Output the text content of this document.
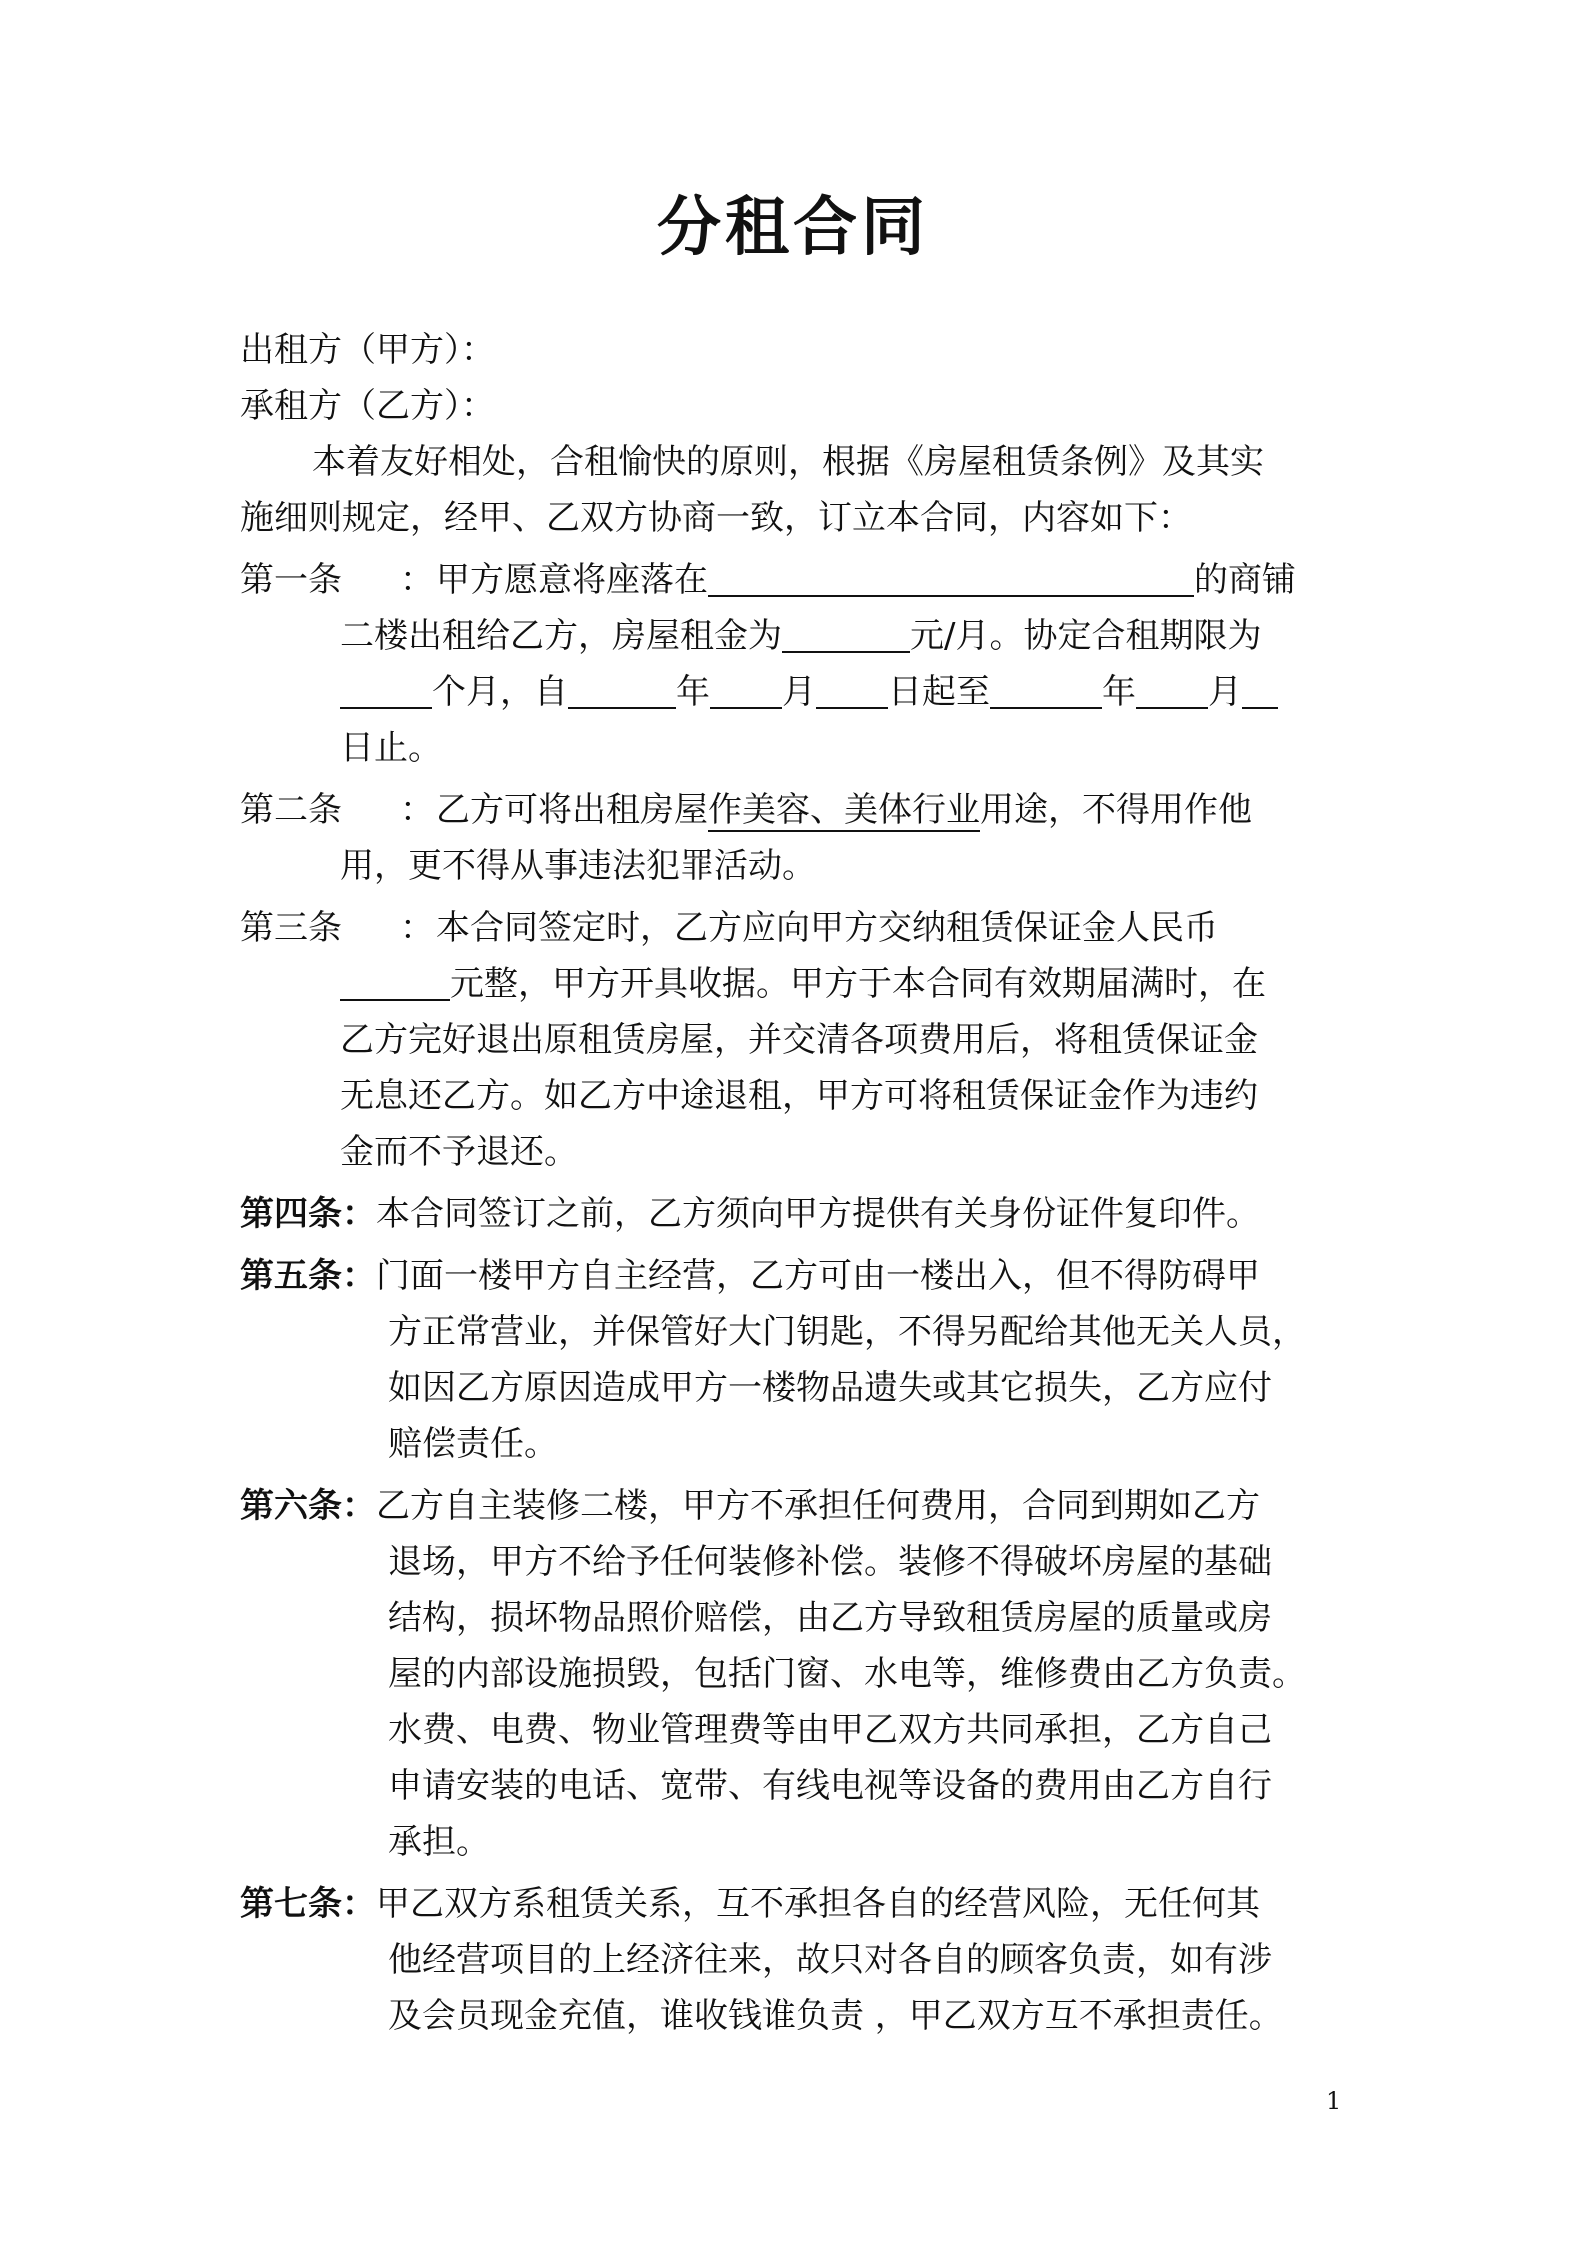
分租合同
出租方（甲方）：
承租方（乙方）：
本着友好相处，合租愉快的原则，根据《房屋租赁条例》及其实
施细则规定，经甲、乙双方协商一致，订立本合同，内容如下：
第一条 ：甲方愿意将座落在	的商铺
二楼出租给乙方，房屋租金为	元/月。协定合租期限为
个月，自	年 月 日起至	年 月
日止。
第二条 ：乙方可将出租房屋作美容、美体行业用途，不得用作他
用，更不得从事违法犯罪活动。
第三条 ：本合同签定时，乙方应向甲方交纳租赁保证金人民币
元整，甲方开具收据。甲方于本合同有效期届满时，在
乙方完好退出原租赁房屋，并交清各项费用后，将租赁保证金
无息还乙方。如乙方中途退租，甲方可将租赁保证金作为违约
金而不予退还。
第四条：本合同签订之前，乙方须向甲方提供有关身份证件复印件。
第五条：门面一楼甲方自主经营，乙方可由一楼出入，但不得防碍甲
方正常营业，并保管好大门钥匙，不得另配给其他无关人员，
如因乙方原因造成甲方一楼物品遗失或其它损失，乙方应付
赔偿责任。
第六条：乙方自主装修二楼，甲方不承担任何费用，合同到期如乙方
退场，甲方不给予任何装修补偿。装修不得破坏房屋的基础
结构，损坏物品照价赔偿，由乙方导致租赁房屋的质量或房
屋的内部设施损毁，包括门窗、水电等，维修费由乙方负责。
水费、电费、物业管理费等由甲乙双方共同承担，乙方自己
申请安装的电话、宽带、有线电视等设备的费用由乙方自行
承担。
第七条：甲乙双方系租赁关系，互不承担各自的经营风险，无任何其
他经营项目的上经济往来，故只对各自的顾客负责，如有涉
及会员现金充值，谁收钱谁负责 ，甲乙双方互不承担责任。
1
